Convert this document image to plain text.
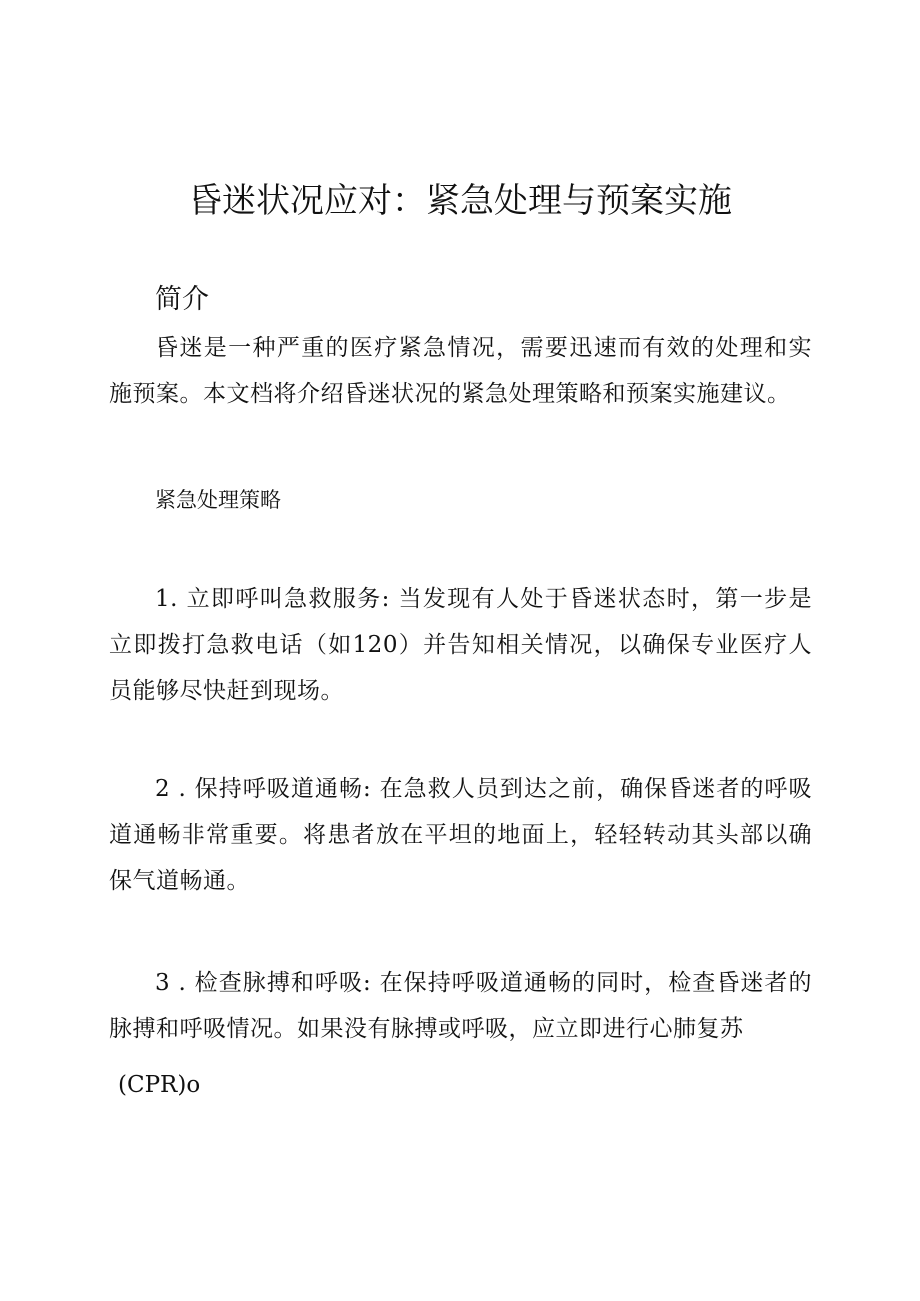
昏迷状况应对：紧急处理与预案实施
简介
昏迷是一种严重的医疗紧急情况，需要迅速而有效的处理和实施预案。本文档将介绍昏迷状况的紧急处理策略和预案实施建议。
紧急处理策略
1. 立即呼叫急救服务: 当发现有人处于昏迷状态时，第一步是立即拨打急救电话（如120）并告知相关情况，以确保专业医疗人员能够尽快赶到现场。
2 . 保持呼吸道通畅: 在急救人员到达之前，确保昏迷者的呼吸道通畅非常重要。将患者放在平坦的地面上，轻轻转动其头部以确保气道畅通。
3 . 检查脉搏和呼吸: 在保持呼吸道通畅的同时，检查昏迷者的脉搏和呼吸情况。如果没有脉搏或呼吸，应立即进行心肺复苏
(CPR)o
